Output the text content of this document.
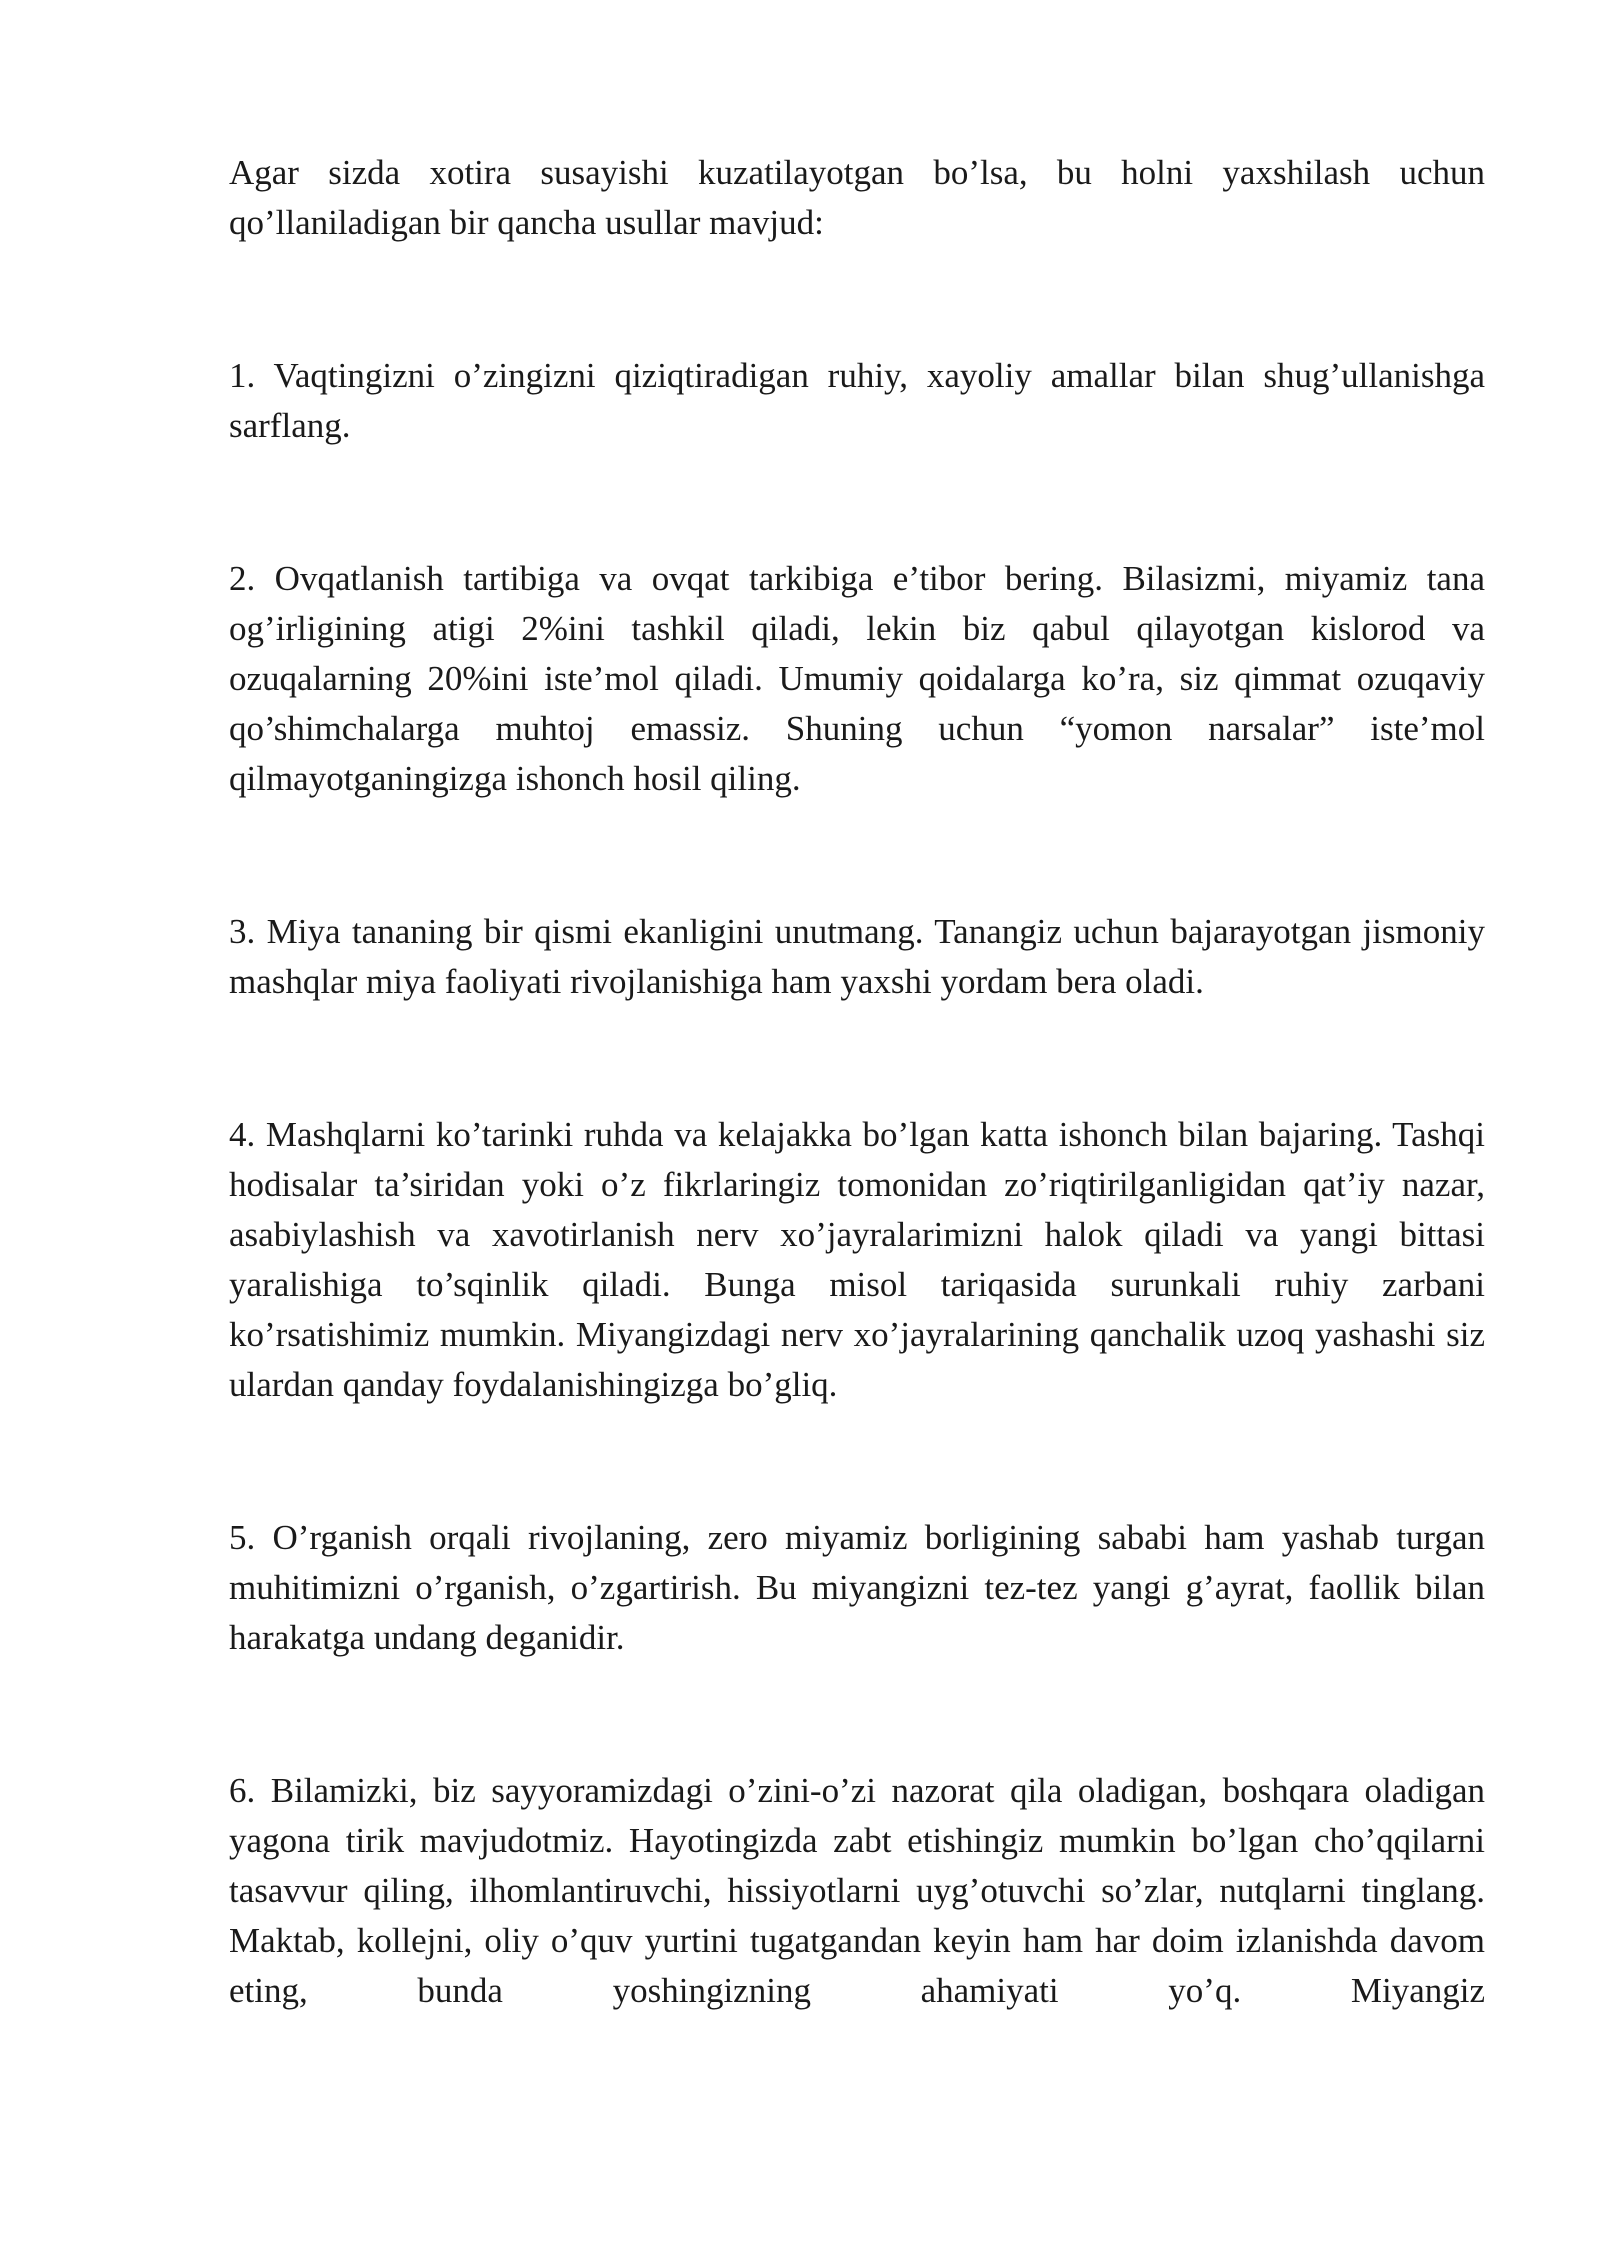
Agar sizda xotira susayishi kuzatilayotgan bo’lsa, bu holni yaxshilash uchun qo’llaniladigan bir qancha usullar mavjud:

1. Vaqtingizni o’zingizni qiziqtiradigan ruhiy, xayoliy amallar bilan shug’ullanishga sarflang.

2. Ovqatlanish tartibiga va ovqat tarkibiga e’tibor bering. Bilasizmi, miyamiz tana og’irligining atigi 2%ini tashkil qiladi, lekin biz qabul qilayotgan kislorod va ozuqalarning 20%ini iste’mol qiladi. Umumiy qoidalarga ko’ra, siz qimmat ozuqaviy qo’shimchalarga muhtoj emassiz. Shuning uchun “yomon narsalar” iste’mol qilmayotganingizga ishonch hosil qiling.

3. Miya tananing bir qismi ekanligini unutmang. Tanangiz uchun bajarayotgan jismoniy mashqlar miya faoliyati rivojlanishiga ham yaxshi yordam bera oladi.

4. Mashqlarni ko’tarinki ruhda va kelajakka bo’lgan katta ishonch bilan bajaring. Tashqi hodisalar ta’siridan yoki o’z fikrlaringiz tomonidan zo’riqtirilganligidan qat’iy nazar, asabiylashish va xavotirlanish nerv xo’jayralarimizni halok qiladi va yangi bittasi yaralishiga to’sqinlik qiladi. Bunga misol tariqasida surunkali ruhiy zarbani ko’rsatishimiz mumkin. Miyangizdagi nerv xo’jayralarining qanchalik uzoq yashashi siz ulardan qanday foydalanishingizga bo’gliq.

5. O’rganish orqali rivojlaning, zero miyamiz borligining sababi ham yashab turgan muhitimizni o’rganish, o’zgartirish. Bu miyangizni tez-tez yangi g’ayrat, faollik bilan harakatga undang deganidir.

6. Bilamizki, biz sayyoramizdagi o’zini-o’zi nazorat qila oladigan, boshqara oladigan yagona tirik mavjudotmiz. Hayotingizda zabt etishingiz mumkin bo’lgan cho’qqilarni tasavvur qiling, ilhomlantiruvchi, hissiyotlarni uyg’otuvchi so’zlar, nutqlarni tinglang. Maktab, kollejni, oliy o’quv yurtini tugatgandan keyin ham har doim izlanishda davom eting, bunda yoshingizning ahamiyati yo’q. Miyangiz
